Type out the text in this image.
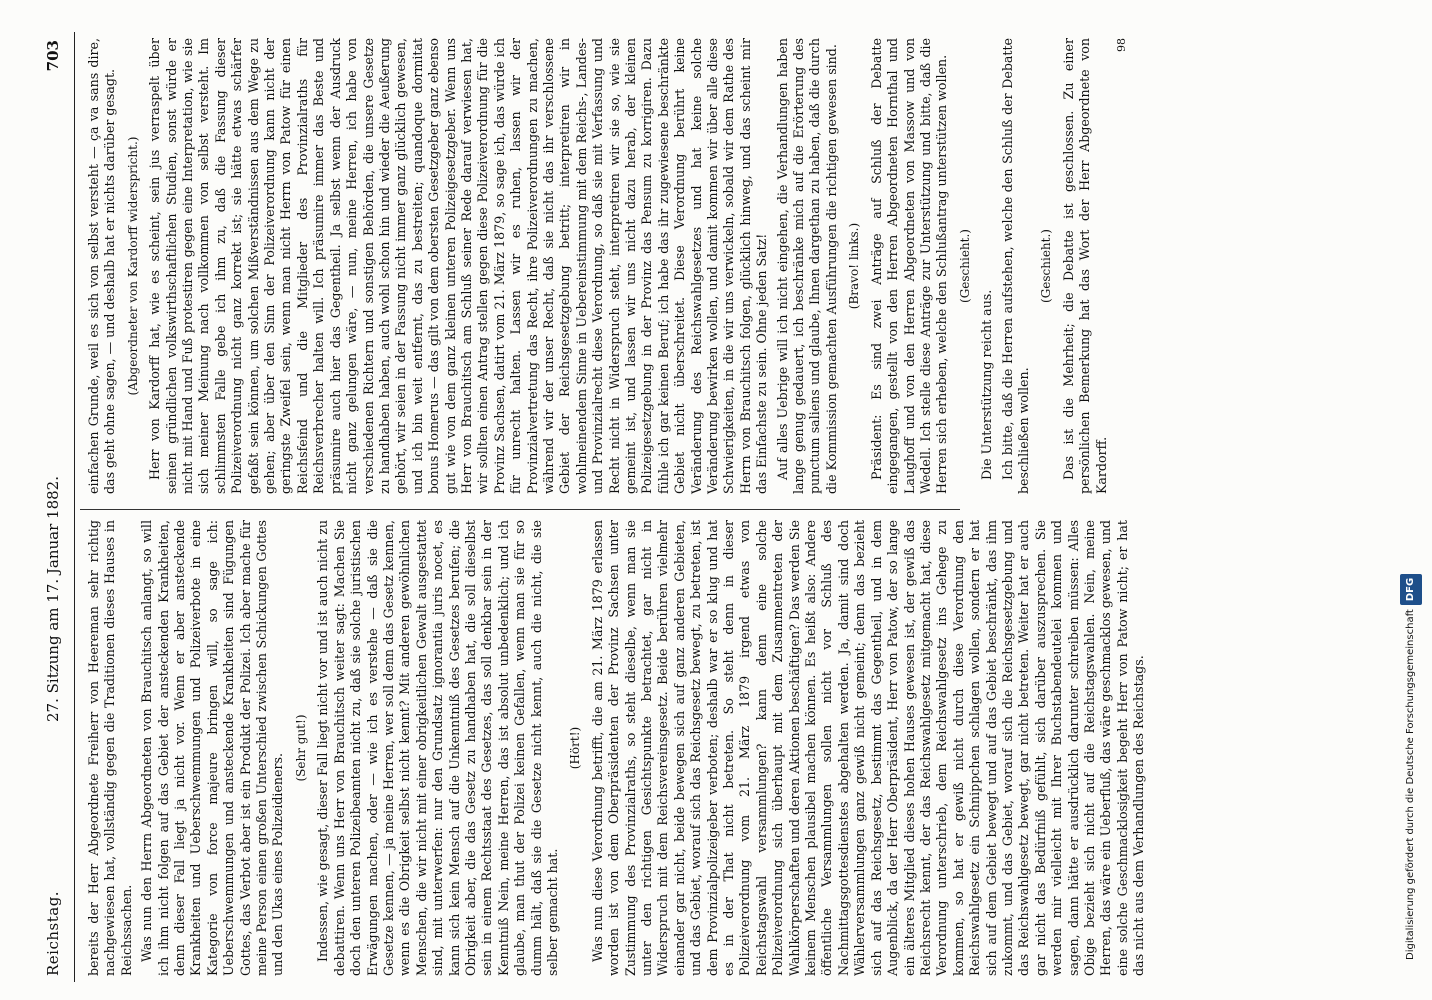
Reichstag.
27. Sitzung am 17. Januar 1882.
703

bereits der Herr Abgeordnete Freiherr von Heereman sehr richtig nachgewiesen hat, vollständig gegen die Traditionen dieses Hauses in Reichssachen. Was nun den Herrn Abgeordneten von Brauchitsch anlangt, so will ich ihm nicht folgen auf das Gebiet der ansteckenden Krankheiten, denn dieser Fall liegt ja nicht vor. Wenn er aber ansteckende Krankheiten und Ueberschwemmungen und Polizeiverbote in eine Kategorie von force majeure bringen will, so sage ich: Ueberschwemmungen und ansteckende Krankheiten sind Fügungen Gottes, das Verbot aber ist ein Produkt der Polizei. Ich aber mache für meine Person einen großen Unterschied zwischen Schickungen Gottes und den Ukas eines Polizeidieners.

(Sehr gut!) Indessen, wie gesagt, dieser Fall liegt nicht vor und ist auch nicht zu debattiren. Wenn uns Herr von Brauchitsch weiter sagt: Machen Sie doch den unteren Polizeibeamten nicht zu, daß sie solche juristischen Erwägungen machen, oder — wie ich es verstehe — daß sie die Gesetze kennen, — ja meine Herren, wer soll denn das Gesetz kennen, wenn es die Obrigkeit selbst nicht kennt? Mit anderen gewöhnlichen Menschen, die wir nicht mit einer obrigkeitlichen Gewalt ausgestattet sind, mit unterwerfen: nur den Grundsatz ignorantia juris nocet, es kann sich kein Mensch auf die Unkenntniß des Gesetzes berufen; die Obrigkeit aber, die das Gesetz zu handhaben hat, die soll dieselbst sein in einem Rechtsstaat des Gesetzes, das soll denkbar sein in der Kenntniß Nein, meine Herren, das ist absolut unbedenklich; und ich glaube, man thut der Polizei keinen Gefallen, wenn man sie für so dumm hält, daß sie die Gesetze nicht kennt, auch die nicht, die sie selber gemacht hat.

(Hört!) Was nun diese Verordnung betrifft, die am 21. März 1879 erlassen worden ist von dem Oberpräsidenten der Provinz Sachsen unter Zustimmung des Provinzialraths, so steht dieselbe, wenn man sie unter den richtigen Gesichtspunkte betrachtet, gar nicht in Widerspruch mit dem Reichsvereinsgesetz. Beide berühren vielmehr einander gar nicht, beide bewegen sich auf ganz anderen Gebieten, und das Gebiet, worauf sich das Reichsgesetz bewegt, zu betreten, ist dem Provinzialpolizeigeber verboten; deshalb war er so klug und hat es in der That nicht betreten. So steht denn in dieser Polizeiverordnung vom 21. März 1879 irgend etwas von Reichstagswahl versammlungen? kann denn eine solche Polizeiverordnung sich überhaupt mit dem Zusammentreten der Wahlkörperschaften und deren Aktionen beschäftigen? Das werden Sie keinem Menschen plausibel machen können. Es heißt also: Andere öffentliche Versammlungen sollen nicht vor Schluß des Nachmittagsgottesdienstes abgehalten werden. Ja, damit sind doch Wählerversammlungen ganz gewiß nicht gemeint; denn das bezieht sich auf das Reichsgesetz, bestimmt das Gegentheil, und in dem Augenblick, da der Herr Oberpräsident, Herr von Patow, der so lange ein älteres Mitglied dieses hohen Hauses gewesen ist, der gewiß das Reichsrecht kennt, der das Reichswahlgesetz mitgemacht hat, diese Verordnung unterschrieb, dem Reichswahlgesetz ins Gehege zu kommen, so hat er gewiß nicht durch diese Verordnung den Reichswahlgesetz ein Schnippchen schlagen wollen, sondern er hat sich auf dem Gebiet bewegt und auf das Gebiet beschränkt, das ihm zukommt, und das Gebiet, worauf sich die Reichsgesetzgebung und das Reichswahlgesetz bewegt, gar nicht betreten. Weiter hat er auch gar nicht das Bedürfniß gefühlt, sich darüber auszusprechen. Sie werden mir vielleicht mit Ihrer Buchstabendeutelei kommen und sagen, dann hätte er ausdrücklich darunter schreiben müssen: Alles Obige bezieht sich nicht auf die Reichstagswahlen. Nein, meine Herren, das wäre ein Ueberfluß, das wäre geschmacklos gewesen, und eine solche Geschmacklosigkeit begeht Herr von Patow nicht; er hat das nicht aus dem Verhandlungen des Reichstags.

einfachen Grunde, weil es sich von selbst versteht — ça va sans dire, das geht ohne sagen, — und deshalb hat er nichts darüber gesagt. (Abgeordneter von Kardorff widerspricht.) Herr von Kardorff hat, wie es scheint, sein jus verraspelt über seinen gründlichen volkswirthschaftlichen Studien, sonst würde er nicht mit Hand und Fuß protestiren gegen eine Interpretation, wie sie sich meiner Meinung nach vollkommen von selbst versteht. Im schlimmsten Falle gebe ich ihm zu, daß die Fassung dieser Polizeiverordnung nicht ganz korrekt ist; sie hätte etwas schärfer gefaßt sein können, um solchen Mißverständnissen aus dem Wege zu gehen; aber über den Sinn der Polizeiverordnung kann nicht der geringste Zweifel sein, wenn man nicht Herrn von Patow für einen Reichsfeind und die Mitglieder des Provinzialraths für Reichsverbrecher halten will. Ich präsumire immer das Beste und präsumire auch hier das Gegentheil. Ja selbst wenn der Ausdruck nicht ganz gelungen wäre, — nun, meine Herren, ich habe von verschiedenen Richtern und sonstigen Behörden, die unsere Gesetze zu handhaben haben, auch wohl schon hin und wieder die Aeußerung gehört, wir seien in der Fassung nicht immer ganz glücklich gewesen, und ich bin weit entfernt, das zu bestreiten; quandoque dormitat bonus Homerus — das gilt von dem obersten Gesetzgeber ganz ebenso gut wie von dem ganz kleinen unteren Polizeigesetzgeber. Wenn uns Herr von Brauchitsch am Schluß seiner Rede darauf verwiesen hat, wir sollten einen Antrag stellen gegen diese Polizeiverordnung für die Provinz Sachsen, datirt vom 21. März 1879, so sage ich, das würde ich für unrecht halten. Lassen wir es ruhen, lassen wir der Provinzialvertretung das Recht, ihre Polizeiverordnungen zu machen, während wir der unser Recht, daß sie nicht das ihr verschlossene Gebiet der Reichsgesetzgebung betritt; interpretiren wir in wohlmeinendem Sinne in Uebereinstimmung mit dem Reichs-, Landes- und Provinzialrecht diese Verordnung, so daß sie mit Verfassung und Recht nicht in Widerspruch steht, interpretiren wir sie so, wie sie gemeint ist, und lassen wir uns nicht dazu herab, der kleinen Polizeigesetzgebung in der Provinz das Pensum zu korrigiren. Dazu fühle ich gar keinen Beruf; ich habe das ihr zugewiesene beschränkte Gebiet nicht überschreitet. Diese Verordnung berührt keine Veränderung des Reichswahlgesetzes und hat keine solche Veränderung bewirken wollen, und damit kommen wir über alle diese Schwierigkeiten, in die wir uns verwickeln, sobald wir dem Rathe des Herrn von Brauchitsch folgen, glücklich hinweg, und das scheint mir das Einfachste zu sein. Ohne jeden Satz! Auf alles Uebrige will ich nicht eingehen, die Verhandlungen haben lange genug gedauert, ich beschränke mich auf die Erörterung des punctum saliens und glaube, Ihnen dargethan zu haben, daß die durch die Kommission gemachten Ausführungen die richtigen gewesen sind. (Bravo! links.) Präsident: Es sind zwei Anträge auf Schluß der Debatte eingegangen, gestellt von den Herren Abgeordneten Hornthal und Laughoff und von den Herren Abgeordneten von Massow und von Wedell. Ich stelle diese Anträge zur Unterstützung und bitte, daß die Herren sich erheben, welche den Schlußantrag unterstützen wollen. (Geschieht.)

Die Unterstützung reicht aus. Ich bitte, daß die Herren aufstehen, welche den Schluß der Debatte beschließen wollen.

(Geschieht.) Das ist die Mehrheit; die Debatte ist geschlossen. Zu einer persönlichen Bemerkung hat das Wort der Herr Abgeordnete von Kardorff.

98

Digitalisierung gefördert durch die Deutsche ForschungsgemeinschaftDFG
